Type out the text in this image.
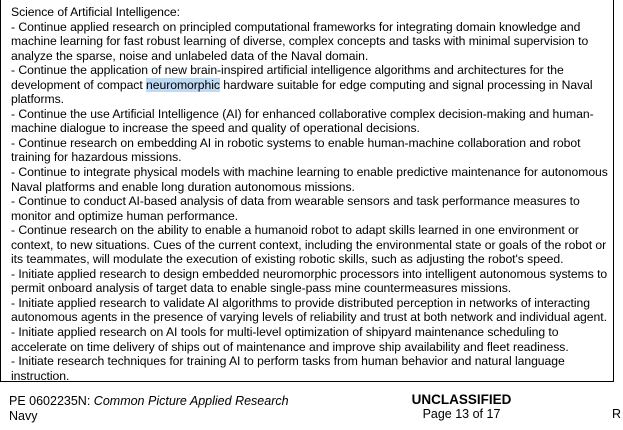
Science of Artificial Intelligence:
- Continue applied research on principled computational frameworks for integrating domain knowledge and
machine learning for fast robust learning of diverse, complex concepts and tasks with minimal supervision to
analyze the sparse, noise and unlabeled data of the Naval domain.
- Continue the application of new brain-inspired artificial intelligence algorithms and architectures for the
development of compact neuromorphic hardware suitable for edge computing and signal processing in Naval
platforms.
- Continue the use Artificial Intelligence (AI) for enhanced collaborative complex decision-making and human-
machine dialogue to increase the speed and quality of operational decisions.
- Continue research on embedding AI in robotic systems to enable human-machine collaboration and robot
training for hazardous missions.
- Continue to integrate physical models with machine learning to enable predictive maintenance for autonomous
Naval platforms and enable long duration autonomous missions.
- Continue to conduct AI-based analysis of data from wearable sensors and task performance measures to
monitor and optimize human performance.
- Continue research on the ability to enable a humanoid robot to adapt skills learned in one environment or
context, to new situations. Cues of the current context, including the environmental state or goals of the robot or
its teammates, will modulate the execution of existing robotic skills, such as adjusting the robot's speed.
- Initiate applied research to design embedded neuromorphic processors into intelligent autonomous systems to
permit onboard analysis of target data to enable single-pass mine countermeasures missions.
- Initiate applied research to validate AI algorithms to provide distributed perception in networks of interacting
autonomous agents in the presence of varying levels of reliability and trust at both network and individual agent.
- Initiate applied research on AI tools for multi-level optimization of shipyard maintenance scheduling to
accelerate on time delivery of ships out of maintenance and improve ship availability and fleet readiness.
- Initiate research techniques for training AI to perform tasks from human behavior and natural language
instruction.
PE 0602235N: Common Picture Applied Research
Navy
UNCLASSIFIED
Page 13 of 17	R
